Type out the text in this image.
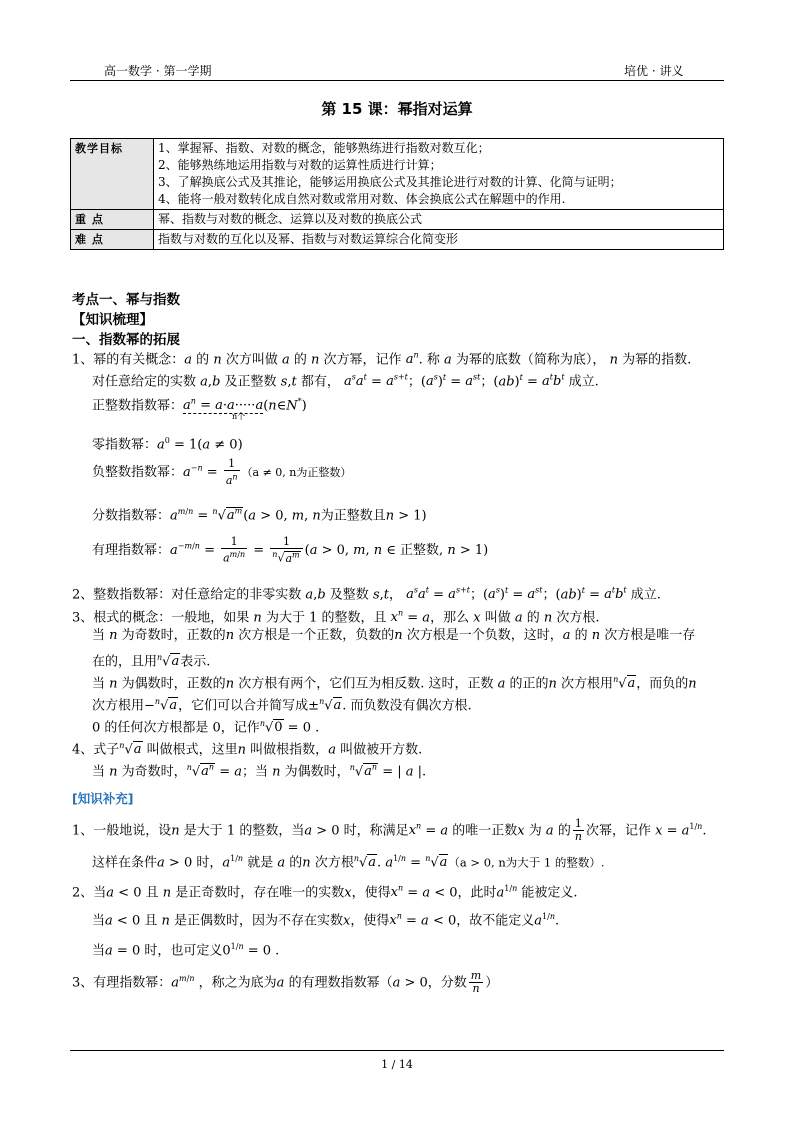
高一数学 · 第一学期	培优 · 讲义
第 15 课：幂指对运算
教学目标	1、掌握幂、指数、对数的概念，能够熟练进行指数对数互化；
2、能够熟练地运用指数与对数的运算性质进行计算；
3、了解换底公式及其推论，能够运用换底公式及其推论进行对数的计算、化简与证明；
4、能将一般对数转化成自然对数或常用对数、体会换底公式在解题中的作用.

重 点	幂、指数与对数的概念、运算以及对数的换底公式
难 点	指数与对数的互化以及幂、指数与对数运算综合化简变形
考点一、幂与指数
【知识梳理】
一、指数幂的拓展
1、幂的有关概念：a 的 n 次方叫做 a 的 n 次方幂，记作 $a^n$. 称 a 为幂的底数（简称为底）， n 为幂的指数.
对任意给定的实数 a,b 及正整数 s,t 都有， $a^sa^t = a^{s+t}$；$(a^s)^t = a^{st}$；$(ab)^t = a^tb^t$ 成立.
正整数指数幂：$a^n$ = a·a·····a(n∈N*)
n个
零指数幂：$a^0 = 1(a \ne 0)$
负整数指数幂：$a^{-n} = \frac{1}{a^n} (a \ne 0$, n为正整数）
分数指数幂：$a^{m/n} = ^n√a^m(a > 0$, m, n为正整数且n > 1)
有理指数幂：$a^{-m/n} = \frac{1}{a^{m/n}} = \frac{1}{^n√a^m} (a > 0$, m, n ∈ 正整数, n > 1)
2、整数指数幂：对任意给定的非零实数 a,b 及整数 s,t， $a^sa^t = a^{s+t}$；$(a^s)^t = a^{st}$；$(ab)^t = a^tb^t$ 成立.
3、根式的概念：一般地，如果 n 为大于 1 的整数，且 $x^n = a$，那么 x 叫做 a 的 n 次方根.
当 n 为奇数时，正数的n 次方根是一个正数，负数的n 次方根是一个负数，这时，a 的 n 次方根是唯一存
在的，且用$^n$√a表示.
当 n 为偶数时，正数的n 次方根有两个，它们互为相反数. 这时，正数 a 的正的n 次方根用$^n$√a，而负的n
次方根用−$^n$√a，它们可以合并简写成±$^n$√a. 而负数没有偶次方根.
0 的任何次方根都是 0，记作$^n$√0 = 0 .
4、式子$^n$√a 叫做根式，这里n 叫做根指数，a 叫做被开方数.
当 n 为奇数时，$^n√a^n = a$；当 n 为偶数时，$^n√a^n$ = | a |.
[知识补充]
1、一般地说，设n 是大于 1 的整数，当a > 0 时，称满足$x^n = a$ 的唯一正数x 为 a 的 $\frac{1}{n}$ 次幂，记作 $x = a^{1/n}$.
这样在条件a > 0 时，$a^{1/n}$ 就是 a 的n 次方根$^n$√a. $a^{1/n} = ^n√a(a > 0$, n为大于 1 的整数）.
2、当a < 0 且 n 是正奇数时，存在唯一的实数x，使得$x^n = a < 0$，此时$a^{1/n}$ 能被定义.
当a < 0 且 n 是正偶数时，因为不存在实数x，使得$x^n = a < 0$，故不能定义$a^{1/n}$.
当a = 0 时，也可定义$0^{1/n} = 0$ .
3、有理指数幂：$a^{m/n}$ ，称之为底为a 的有理数指数幂（a > 0，分数 $\frac{m}{n}$ ）
1 / 14
